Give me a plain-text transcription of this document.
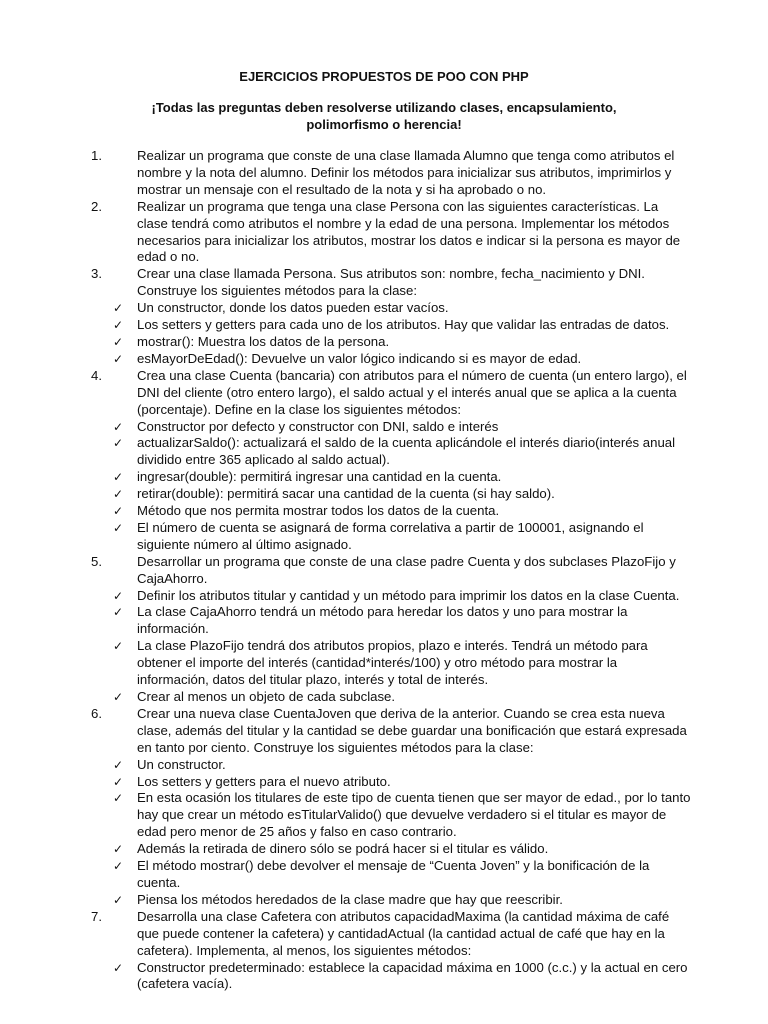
EJERCICIOS PROPUESTOS DE POO CON PHP
¡Todas las preguntas deben resolverse utilizando clases, encapsulamiento, polimorfismo o herencia!
1.	Realizar un programa que conste de una clase llamada Alumno que tenga como atributos el nombre y la nota del alumno. Definir los métodos para inicializar sus atributos, imprimirlos y mostrar un mensaje con el resultado de la nota y si ha aprobado o no.
2.	Realizar un programa que tenga una clase Persona con las siguientes características. La clase tendrá como atributos el nombre y la edad de una persona. Implementar los métodos necesarios para inicializar los atributos, mostrar los datos e indicar si la persona es mayor de edad o no.
3.	Crear una clase llamada Persona. Sus atributos son: nombre, fecha_nacimiento y DNI. Construye los siguientes métodos para la clase:
✓ Un constructor, donde los datos pueden estar vacíos.
✓ Los setters y getters para cada uno de los atributos. Hay que validar las entradas de datos.
✓ mostrar(): Muestra los datos de la persona.
✓ esMayorDeEdad(): Devuelve un valor lógico indicando si es mayor de edad.
4.	Crea una clase Cuenta (bancaria) con atributos para el número de cuenta (un entero largo), el DNI del cliente (otro entero largo), el saldo actual y el interés anual que se aplica a la cuenta (porcentaje). Define en la clase los siguientes métodos:
✓ Constructor por defecto y constructor con DNI, saldo e interés
✓ actualizarSaldo(): actualizará el saldo de la cuenta aplicándole el interés diario(interés anual dividido entre 365 aplicado al saldo actual).
✓ ingresar(double): permitirá ingresar una cantidad en la cuenta.
✓ retirar(double): permitirá sacar una cantidad de la cuenta (si hay saldo).
✓ Método que nos permita mostrar todos los datos de la cuenta.
✓ El número de cuenta se asignará de forma correlativa a partir de 100001, asignando el siguiente número al último asignado.
5.	Desarrollar un programa que conste de una clase padre Cuenta y dos subclases PlazoFijo y CajaAhorro.
✓ Definir los atributos titular y cantidad y un método para imprimir los datos en la clase Cuenta.
✓ La clase CajaAhorro tendrá un método para heredar los datos y uno para mostrar la información.
✓ La clase PlazoFijo tendrá dos atributos propios, plazo e interés. Tendrá un método para obtener el importe del interés (cantidad*interés/100) y otro método para mostrar la información, datos del titular plazo, interés y total de interés.
✓ Crear al menos un objeto de cada subclase.
6.	Crear una nueva clase CuentaJoven que deriva de la anterior. Cuando se crea esta nueva clase, además del titular y la cantidad se debe guardar una bonificación que estará expresada en tanto por ciento. Construye los siguientes métodos para la clase:
✓ Un constructor.
✓ Los setters y getters para el nuevo atributo.
✓ En esta ocasión los titulares de este tipo de cuenta tienen que ser mayor de edad., por lo tanto hay que crear un método esTitularValido() que devuelve verdadero si el titular es mayor de edad pero menor de 25 años y falso en caso contrario.
✓ Además la retirada de dinero sólo se podrá hacer si el titular es válido.
✓ El método mostrar() debe devolver el mensaje de “Cuenta Joven” y la bonificación de la cuenta.
✓ Piensa los métodos heredados de la clase madre que hay que reescribir.
7.	Desarrolla una clase Cafetera con atributos capacidadMaxima (la cantidad máxima de café que puede contener la cafetera) y cantidadActual (la cantidad actual de café que hay en la cafetera). Implementa, al menos, los siguientes métodos:
✓ Constructor predeterminado: establece la capacidad máxima en 1000 (c.c.) y la actual en cero (cafetera vacía).
